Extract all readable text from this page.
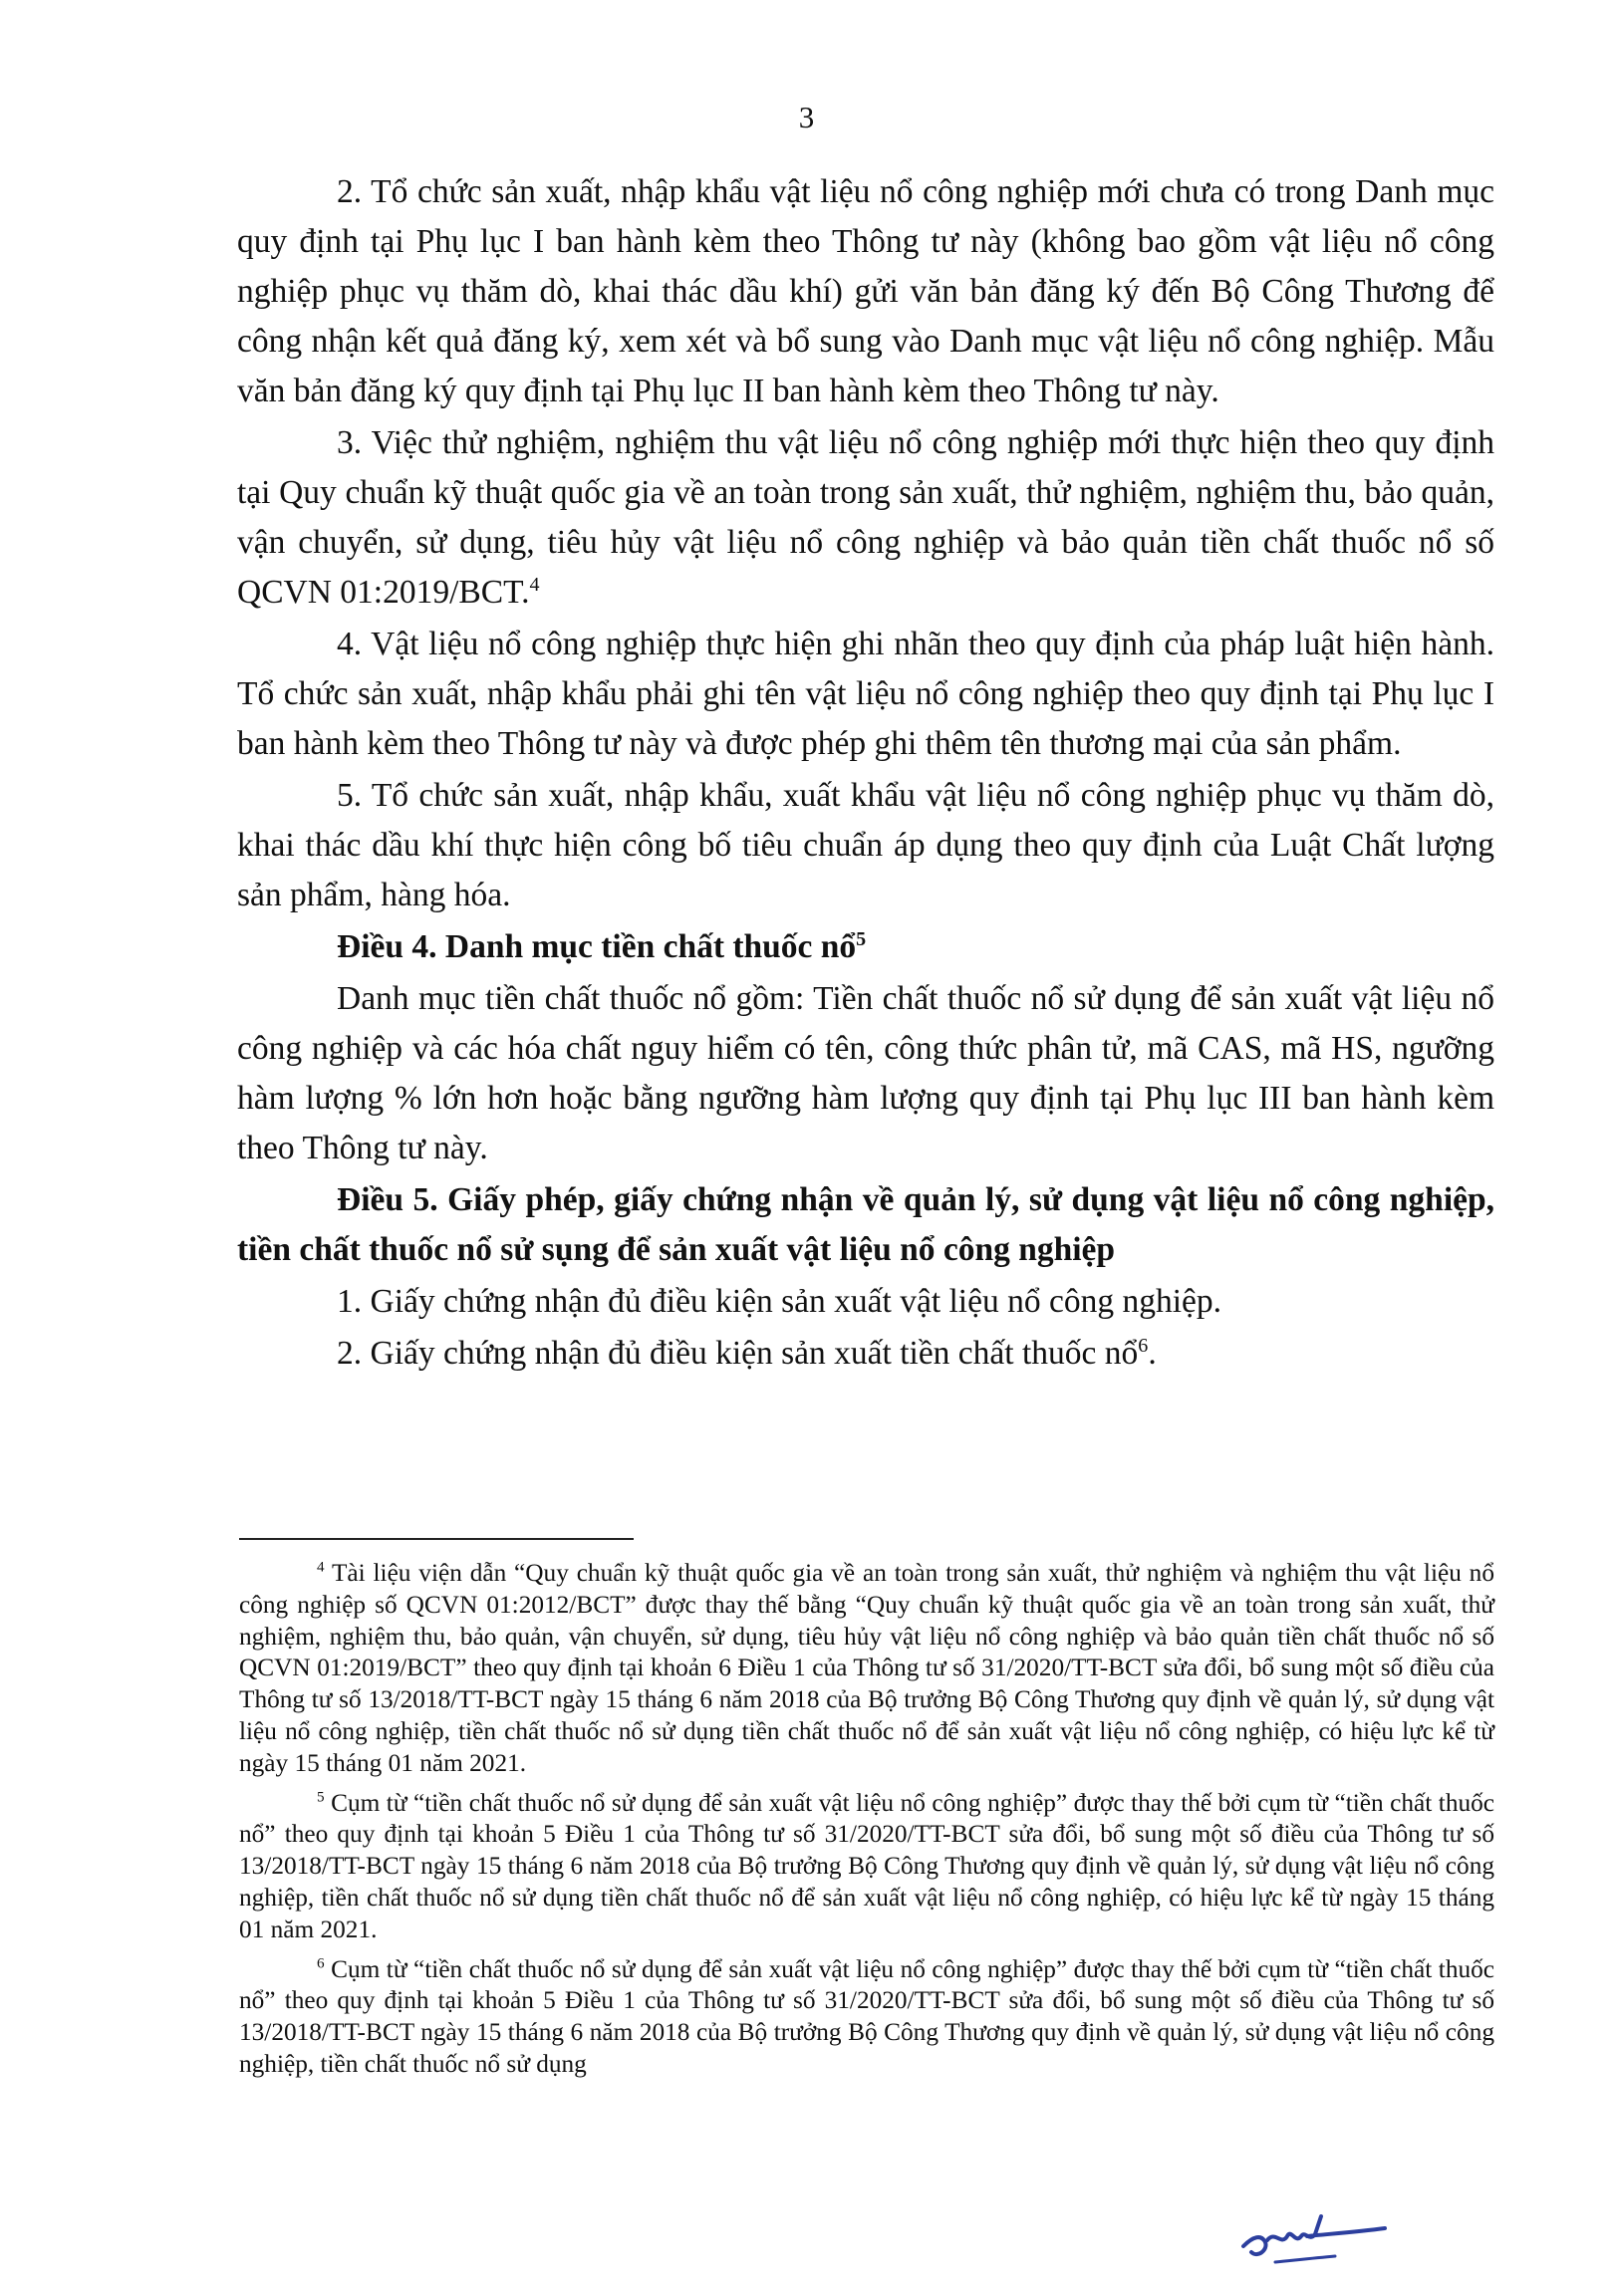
3

2. Tổ chức sản xuất, nhập khẩu vật liệu nổ công nghiệp mới chưa có trong Danh mục quy định tại Phụ lục I ban hành kèm theo Thông tư này (không bao gồm vật liệu nổ công nghiệp phục vụ thăm dò, khai thác dầu khí) gửi văn bản đăng ký đến Bộ Công Thương để công nhận kết quả đăng ký, xem xét và bổ sung vào Danh mục vật liệu nổ công nghiệp. Mẫu văn bản đăng ký quy định tại Phụ lục II ban hành kèm theo Thông tư này.

3. Việc thử nghiệm, nghiệm thu vật liệu nổ công nghiệp mới thực hiện theo quy định tại Quy chuẩn kỹ thuật quốc gia về an toàn trong sản xuất, thử nghiệm, nghiệm thu, bảo quản, vận chuyển, sử dụng, tiêu hủy vật liệu nổ công nghiệp và bảo quản tiền chất thuốc nổ số QCVN 01:2019/BCT.$^4$

4. Vật liệu nổ công nghiệp thực hiện ghi nhãn theo quy định của pháp luật hiện hành. Tổ chức sản xuất, nhập khẩu phải ghi tên vật liệu nổ công nghiệp theo quy định tại Phụ lục I ban hành kèm theo Thông tư này và được phép ghi thêm tên thương mại của sản phẩm.

5. Tổ chức sản xuất, nhập khẩu, xuất khẩu vật liệu nổ công nghiệp phục vụ thăm dò, khai thác dầu khí thực hiện công bố tiêu chuẩn áp dụng theo quy định của Luật Chất lượng sản phẩm, hàng hóa.

Điều 4. Danh mục tiền chất thuốc nổ$^5$

Danh mục tiền chất thuốc nổ gồm: Tiền chất thuốc nổ sử dụng để sản xuất vật liệu nổ công nghiệp và các hóa chất nguy hiểm có tên, công thức phân tử, mã CAS, mã HS, ngưỡng hàm lượng % lớn hơn hoặc bằng ngưỡng hàm lượng quy định tại Phụ lục III ban hành kèm theo Thông tư này.

Điều 5. Giấy phép, giấy chứng nhận về quản lý, sử dụng vật liệu nổ công nghiệp, tiền chất thuốc nổ sử sụng để sản xuất vật liệu nổ công nghiệp

1. Giấy chứng nhận đủ điều kiện sản xuất vật liệu nổ công nghiệp.

2. Giấy chứng nhận đủ điều kiện sản xuất tiền chất thuốc nổ$^6$.

$^4$ Tài liệu viện dẫn “Quy chuẩn kỹ thuật quốc gia về an toàn trong sản xuất, thử nghiệm và nghiệm thu vật liệu nổ công nghiệp số QCVN 01:2012/BCT” được thay thế bằng “Quy chuẩn kỹ thuật quốc gia về an toàn trong sản xuất, thử nghiệm, nghiệm thu, bảo quản, vận chuyển, sử dụng, tiêu hủy vật liệu nổ công nghiệp và bảo quản tiền chất thuốc nổ số QCVN 01:2019/BCT” theo quy định tại khoản 6 Điều 1 của Thông tư số 31/2020/TT-BCT sửa đổi, bổ sung một số điều của Thông tư số 13/2018/TT-BCT ngày 15 tháng 6 năm 2018 của Bộ trưởng Bộ Công Thương quy định về quản lý, sử dụng vật liệu nổ công nghiệp, tiền chất thuốc nổ sử dụng tiền chất thuốc nổ để sản xuất vật liệu nổ công nghiệp, có hiệu lực kể từ ngày 15 tháng 01 năm 2021.

$^5$ Cụm từ “tiền chất thuốc nổ sử dụng để sản xuất vật liệu nổ công nghiệp” được thay thế bởi cụm từ “tiền chất thuốc nổ” theo quy định tại khoản 5 Điều 1 của Thông tư số 31/2020/TT-BCT sửa đổi, bổ sung một số điều của Thông tư số 13/2018/TT-BCT ngày 15 tháng 6 năm 2018 của Bộ trưởng Bộ Công Thương quy định về quản lý, sử dụng vật liệu nổ công nghiệp, tiền chất thuốc nổ sử dụng tiền chất thuốc nổ để sản xuất vật liệu nổ công nghiệp, có hiệu lực kể từ ngày 15 tháng 01 năm 2021.

$^6$ Cụm từ “tiền chất thuốc nổ sử dụng để sản xuất vật liệu nổ công nghiệp” được thay thế bởi cụm từ “tiền chất thuốc nổ” theo quy định tại khoản 5 Điều 1 của Thông tư số 31/2020/TT-BCT sửa đổi, bổ sung một số điều của Thông tư số 13/2018/TT-BCT ngày 15 tháng 6 năm 2018 của Bộ trưởng Bộ Công Thương quy định về quản lý, sử dụng vật liệu nổ công nghiệp, tiền chất thuốc nổ sử dụng
